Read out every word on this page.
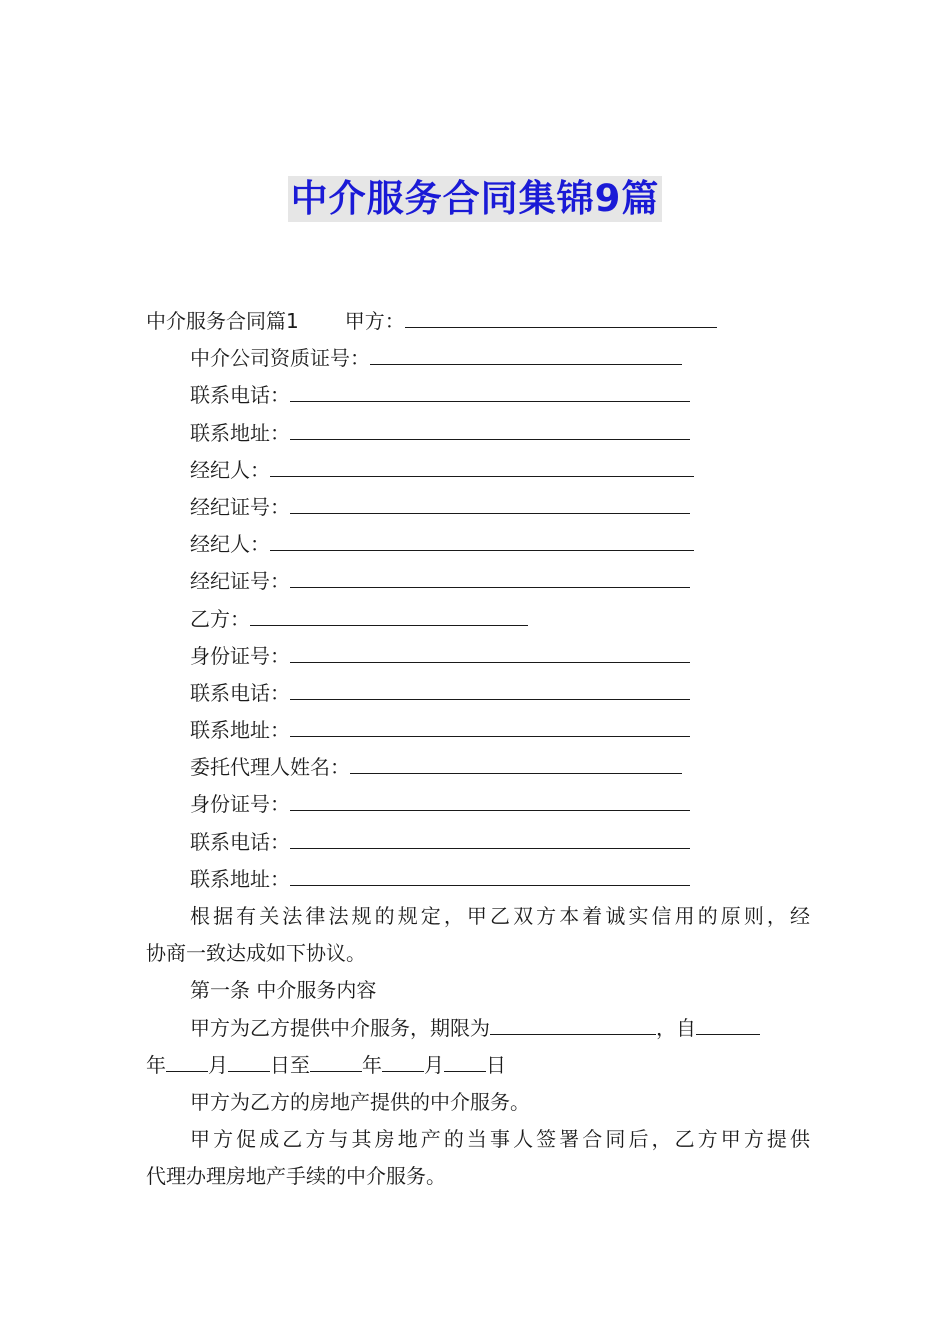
中介服务合同集锦9篇
中介服务合同篇1 甲方：
中介公司资质证号：
联系电话：
联系地址：
经纪人：
经纪证号：
经纪人：
经纪证号：
乙方：
身份证号：
联系电话：
联系地址：
委托代理人姓名：
身份证号：
联系电话：
联系地址：
根据有关法律法规的规定，甲乙双方本着诚实信用的原则，经
协商一致达成如下协议。
第一条 中介服务内容
甲方为乙方提供中介服务，期限为	，自
年 月 日至	年 月 日
甲方为乙方的房地产提供的中介服务。
甲方促成乙方与其房地产的当事人签署合同后，乙方甲方提供
代理办理房地产手续的中介服务。
